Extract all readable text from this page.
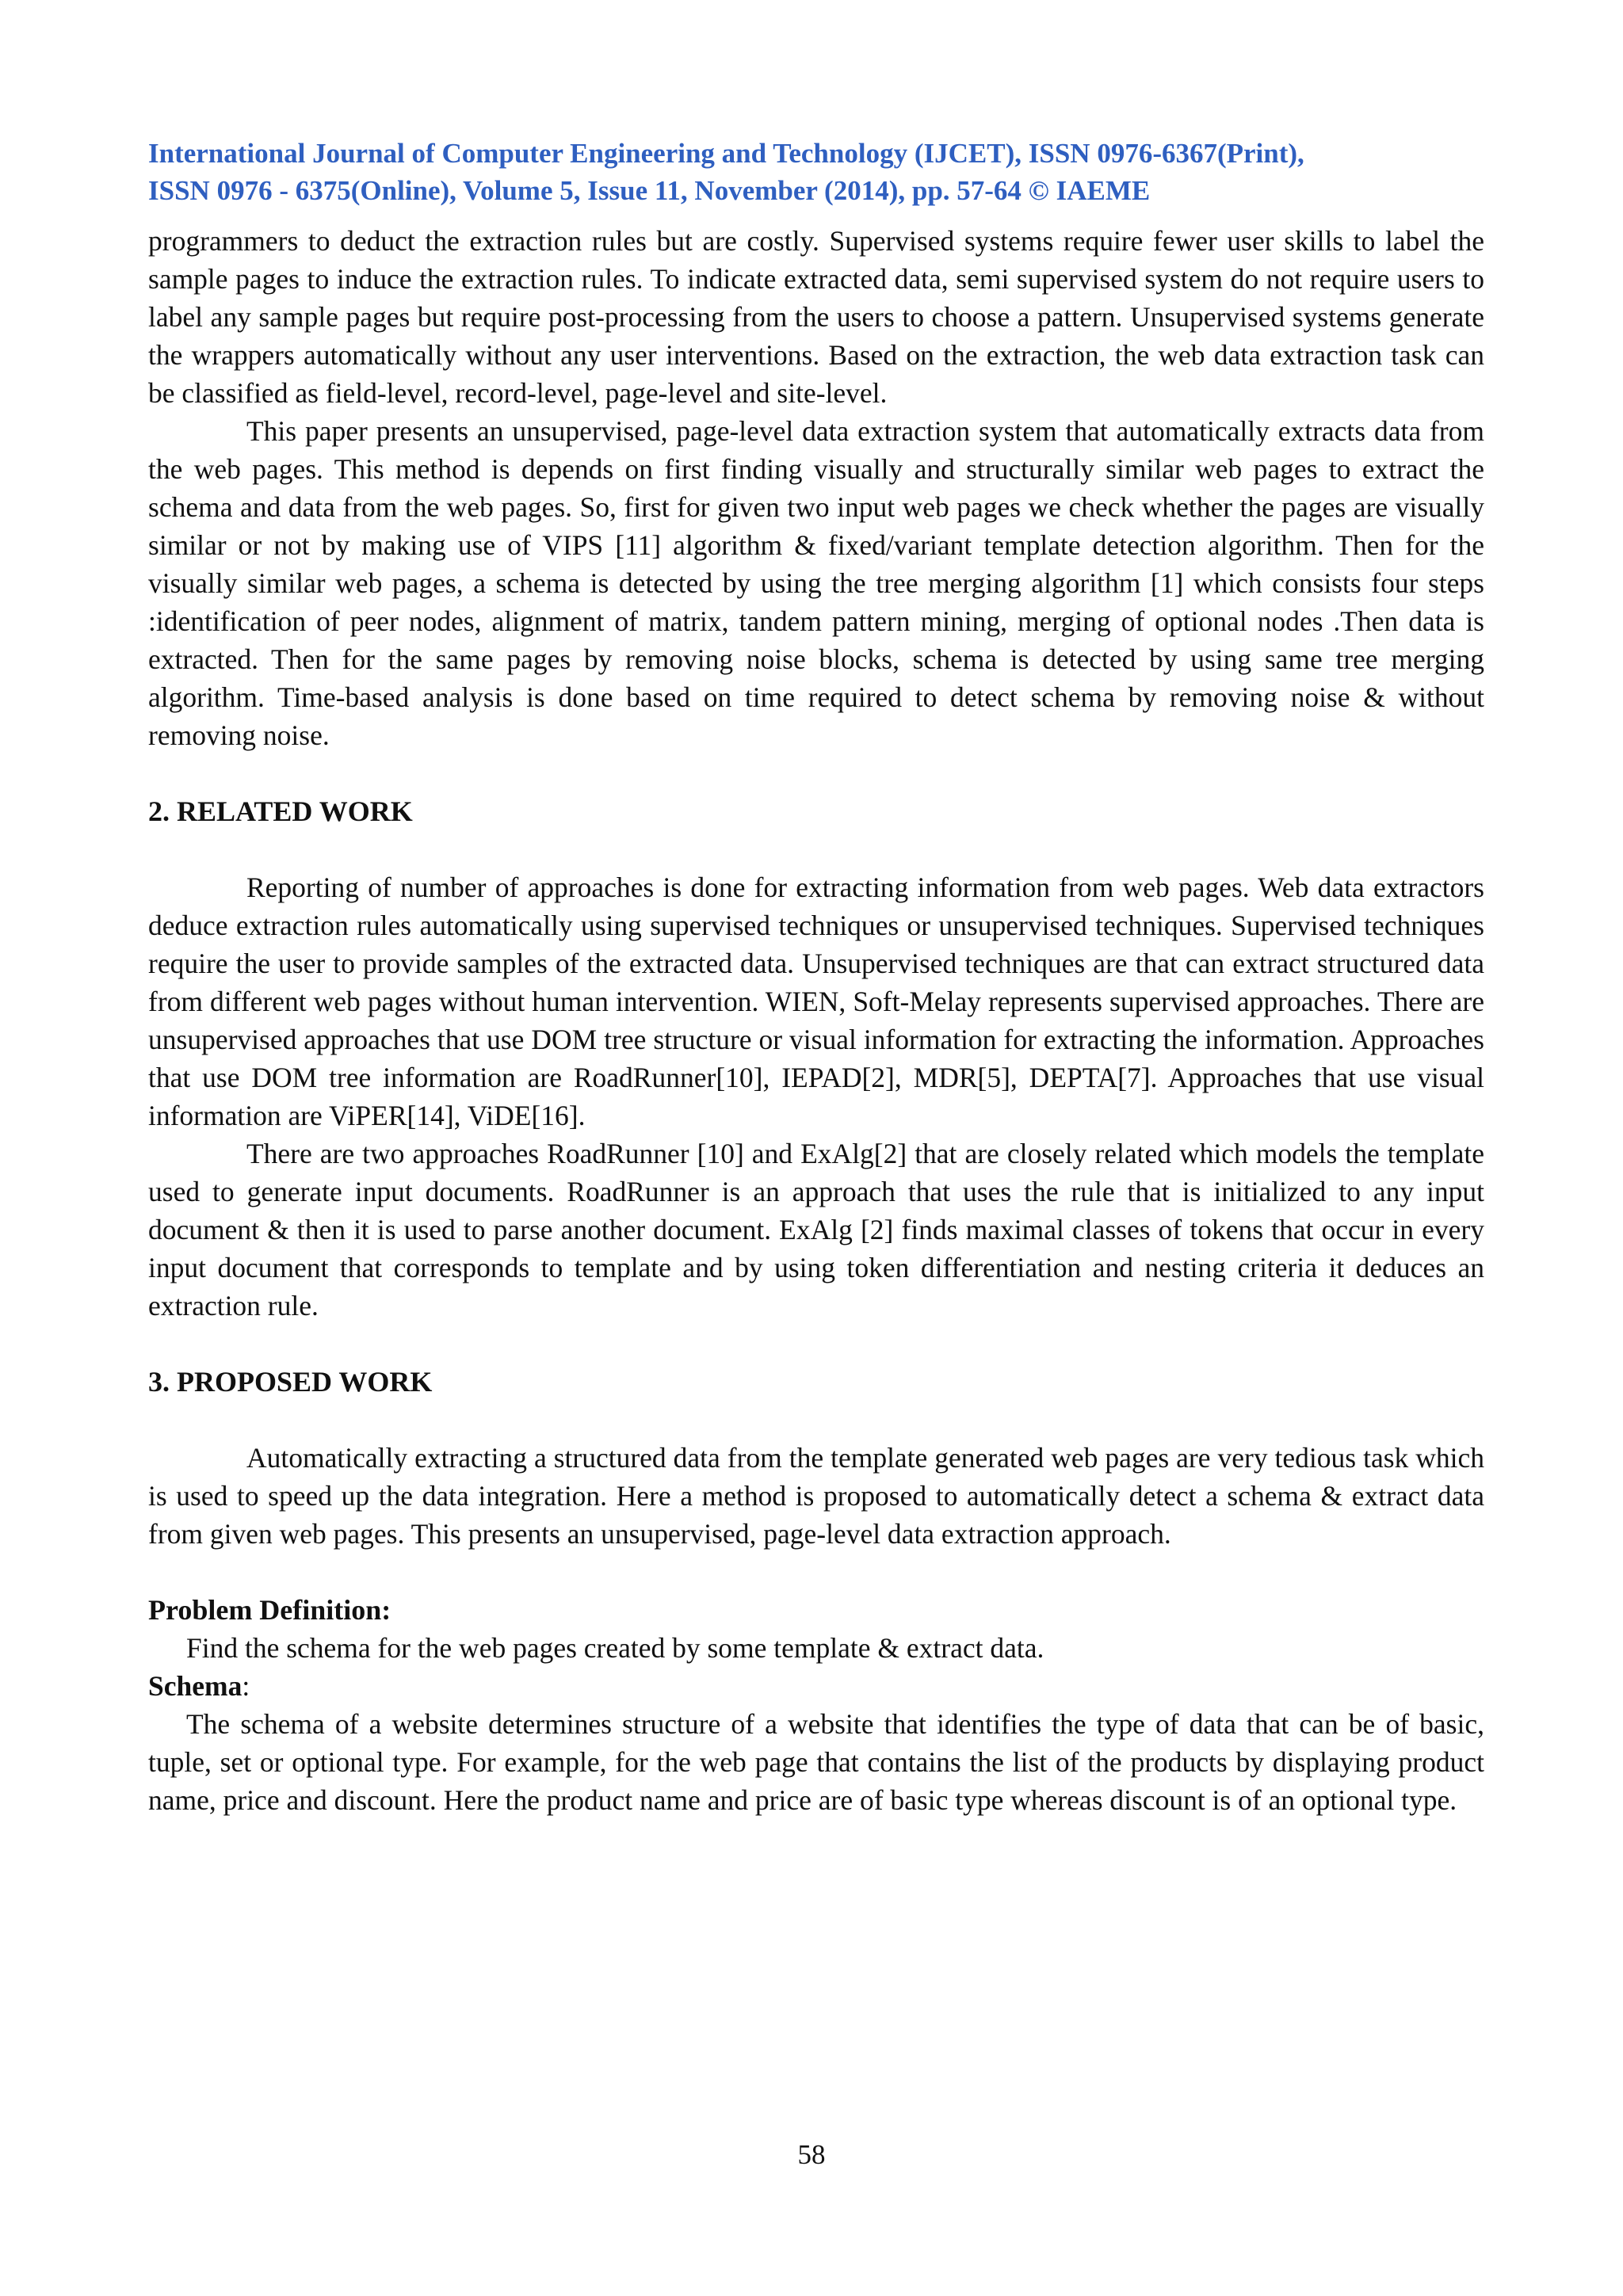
International Journal of Computer Engineering and Technology (IJCET), ISSN 0976-6367(Print),

ISSN 0976 - 6375(Online), Volume 5, Issue 11, November (2014), pp. 57-64 © IAEME

programmers to deduct the extraction rules but are costly. Supervised systems require fewer user skills to label the sample pages to induce the extraction rules. To indicate extracted data, semi supervised system do not require users to label any sample pages but require post-processing from the users to choose a pattern. Unsupervised systems generate the wrappers automatically without any user interventions. Based on the extraction, the web data extraction task can be classified as field-level, record-level, page-level and site-level.

This paper presents an unsupervised, page-level data extraction system that automatically extracts data from the web pages. This method is depends on first finding visually and structurally similar web pages to extract the schema and data from the web pages. So, first for given two input web pages we check whether the pages are visually similar or not by making use of VIPS [11] algorithm & fixed/variant template detection algorithm. Then for the visually similar web pages, a schema is detected by using the tree merging algorithm [1] which consists four steps :identification of peer nodes, alignment of matrix, tandem pattern mining, merging of optional nodes .Then data is extracted. Then for the same pages by removing noise blocks, schema is detected by using same tree merging algorithm. Time-based analysis is done based on time required to detect schema by removing noise & without removing noise.

2. RELATED WORK

Reporting of number of approaches is done for extracting information from web pages. Web data extractors deduce extraction rules automatically using supervised techniques or unsupervised techniques. Supervised techniques require the user to provide samples of the extracted data. Unsupervised techniques are that can extract structured data from different web pages without human intervention. WIEN, Soft-Melay represents supervised approaches. There are unsupervised approaches that use DOM tree structure or visual information for extracting the information. Approaches that use DOM tree information are RoadRunner[10], IEPAD[2], MDR[5], DEPTA[7]. Approaches that use visual information are ViPER[14], ViDE[16].

There are two approaches RoadRunner [10] and ExAlg[2] that are closely related which models the template used to generate input documents. RoadRunner is an approach that uses the rule that is initialized to any input document & then it is used to parse another document. ExAlg [2] finds maximal classes of tokens that occur in every input document that corresponds to template and by using token differentiation and nesting criteria it deduces an extraction rule.

3. PROPOSED WORK

Automatically extracting a structured data from the template generated web pages are very tedious task which is used to speed up the data integration. Here a method is proposed to automatically detect a schema & extract data from given web pages. This presents an unsupervised, page-level data extraction approach.

Problem Definition:

Find the schema for the web pages created by some template & extract data.

Schema:

The schema of a website determines structure of a website that identifies the type of data that can be of basic, tuple, set or optional type. For example, for the web page that contains the list of the products by displaying product name, price and discount. Here the product name and price are of basic type whereas discount is of an optional type.

58
